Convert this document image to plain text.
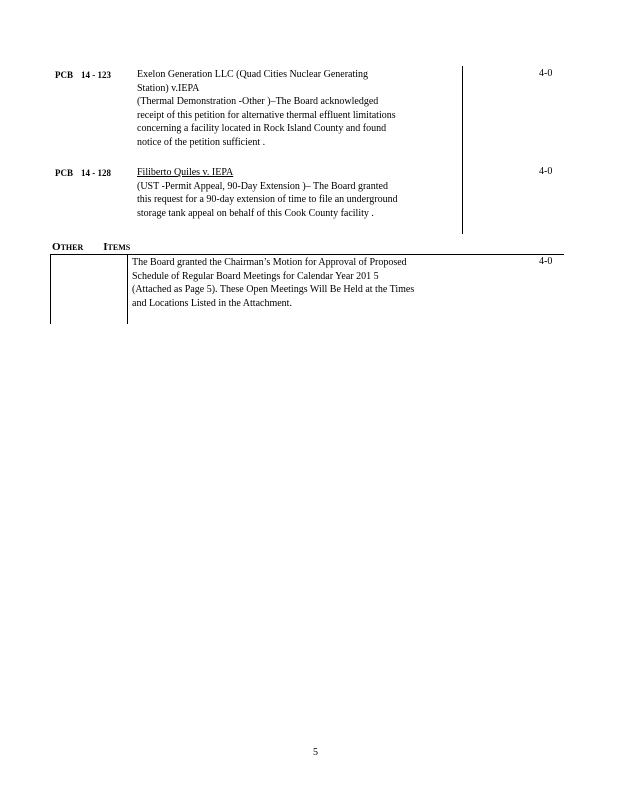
PCB 14 - 123	Exelon Generation LLC (Quad Cities Nuclear Generating
Station) v.IEPA
(Thermal Demonstration -Other )–The Board acknowledged
receipt of this petition for alternative thermal effluent limitations
concerning a facility located in Rock Island County and found
notice of the petition sufficient .
4-0
PCB 14 - 128	Filiberto Quiles v. IEPA
(UST -Permit Appeal, 90-Day Extension )– The Board granted
this request for a 90-day extension of time to file an underground
storage tank appeal on behalf of this Cook County facility .
4-0
OTHER ITEMS
The Board granted the Chairman’s Motion for Approval of Proposed
Schedule of Regular Board Meetings for Calendar Year 201 5
(Attached as Page 5). These Open Meetings Will Be Held at the Times
and Locations Listed in the Attachment.
4-0
5
